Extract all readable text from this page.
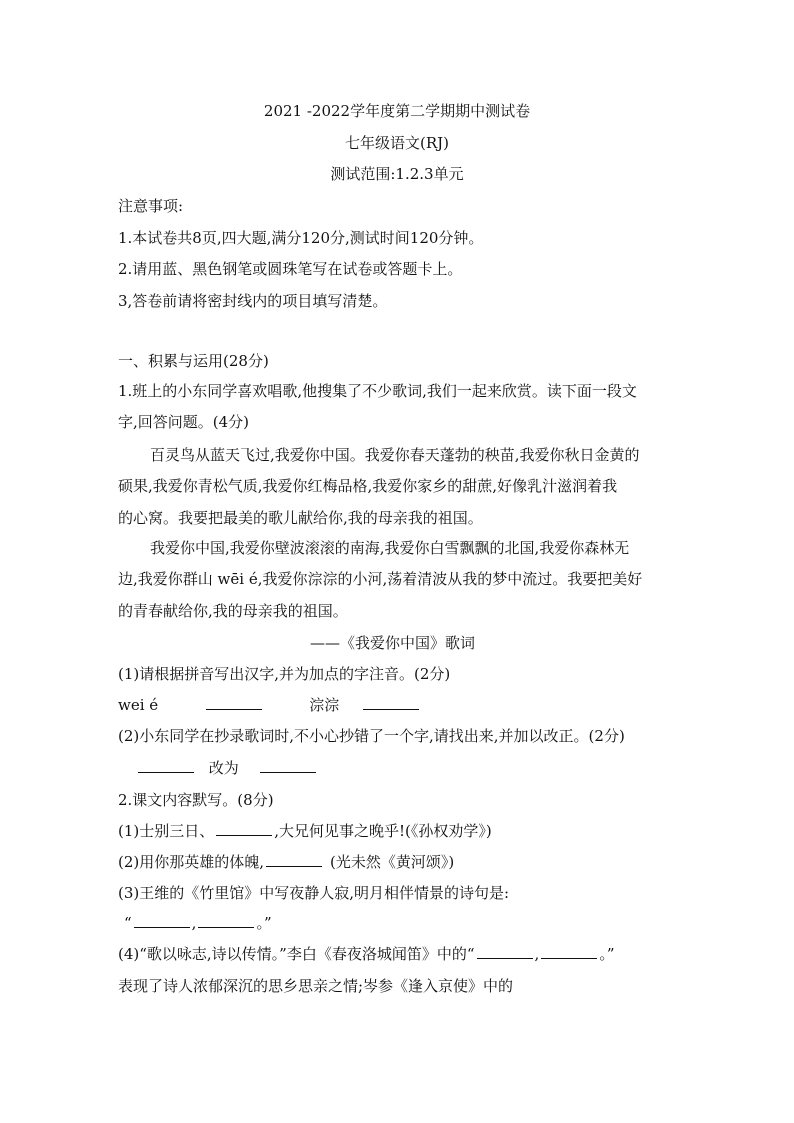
2021 -2022学年度第二学期期中测试卷
七年级语文(RJ)
测试范围:1.2.3单元
注意事项:
1.本试卷共8页,四大题,满分120分,测试时间120分钟。
2.请用蓝、黑色钢笔或圆珠笔写在试卷或答题卡上。
3,答卷前请将密封线内的项目填写清楚。
一、积累与运用(28分)
1.班上的小东同学喜欢唱歌,他搜集了不少歌词,我们一起来欣赏。读下面一段文
字,回答问题。(4分)
百灵鸟从蓝天飞过,我爱你中国。我爱你春天蓬勃的秧苗,我爱你秋日金黄的
硕果,我爱你青松气质,我爱你红梅品格,我爱你家乡的甜蔗,好像乳汁滋润着我
的心窝。我要把最美的歌儿献给你,我的母亲我的祖国。
我爱你中国,我爱你壁波滚滚的南海,我爱你白雪飘飘的北国,我爱你森林无
边,我爱你群山 wēi é,我爱你淙淙的小河,荡着清波从我的梦中流过。我要把美好
的青春献给你,我的母亲我的祖国。
——《我爱你中国》歌词
(1)请根据拼音写出汉字,并为加点的字注音。(2分)
wei é	淙淙
(2)小东同学在抄录歌词时,不小心抄错了一个字,请找出来,并加以改正。(2分)
改为
2.课文内容默写。(8分)
(1)士别三日、	,大兄何见事之晚乎!(《孙权劝学》)
(2)用你那英雄的体魄,	(光未然《黄河颂》)
(3)王维的《竹里馆》中写夜静人寂,明月相伴情景的诗句是:
“	,	。”
(4)“歌以咏志,诗以传情。”李白《春夜洛城闻笛》中的“	,	。”
表现了诗人浓郁深沉的思乡思亲之情;岑参《逢入京使》中的
